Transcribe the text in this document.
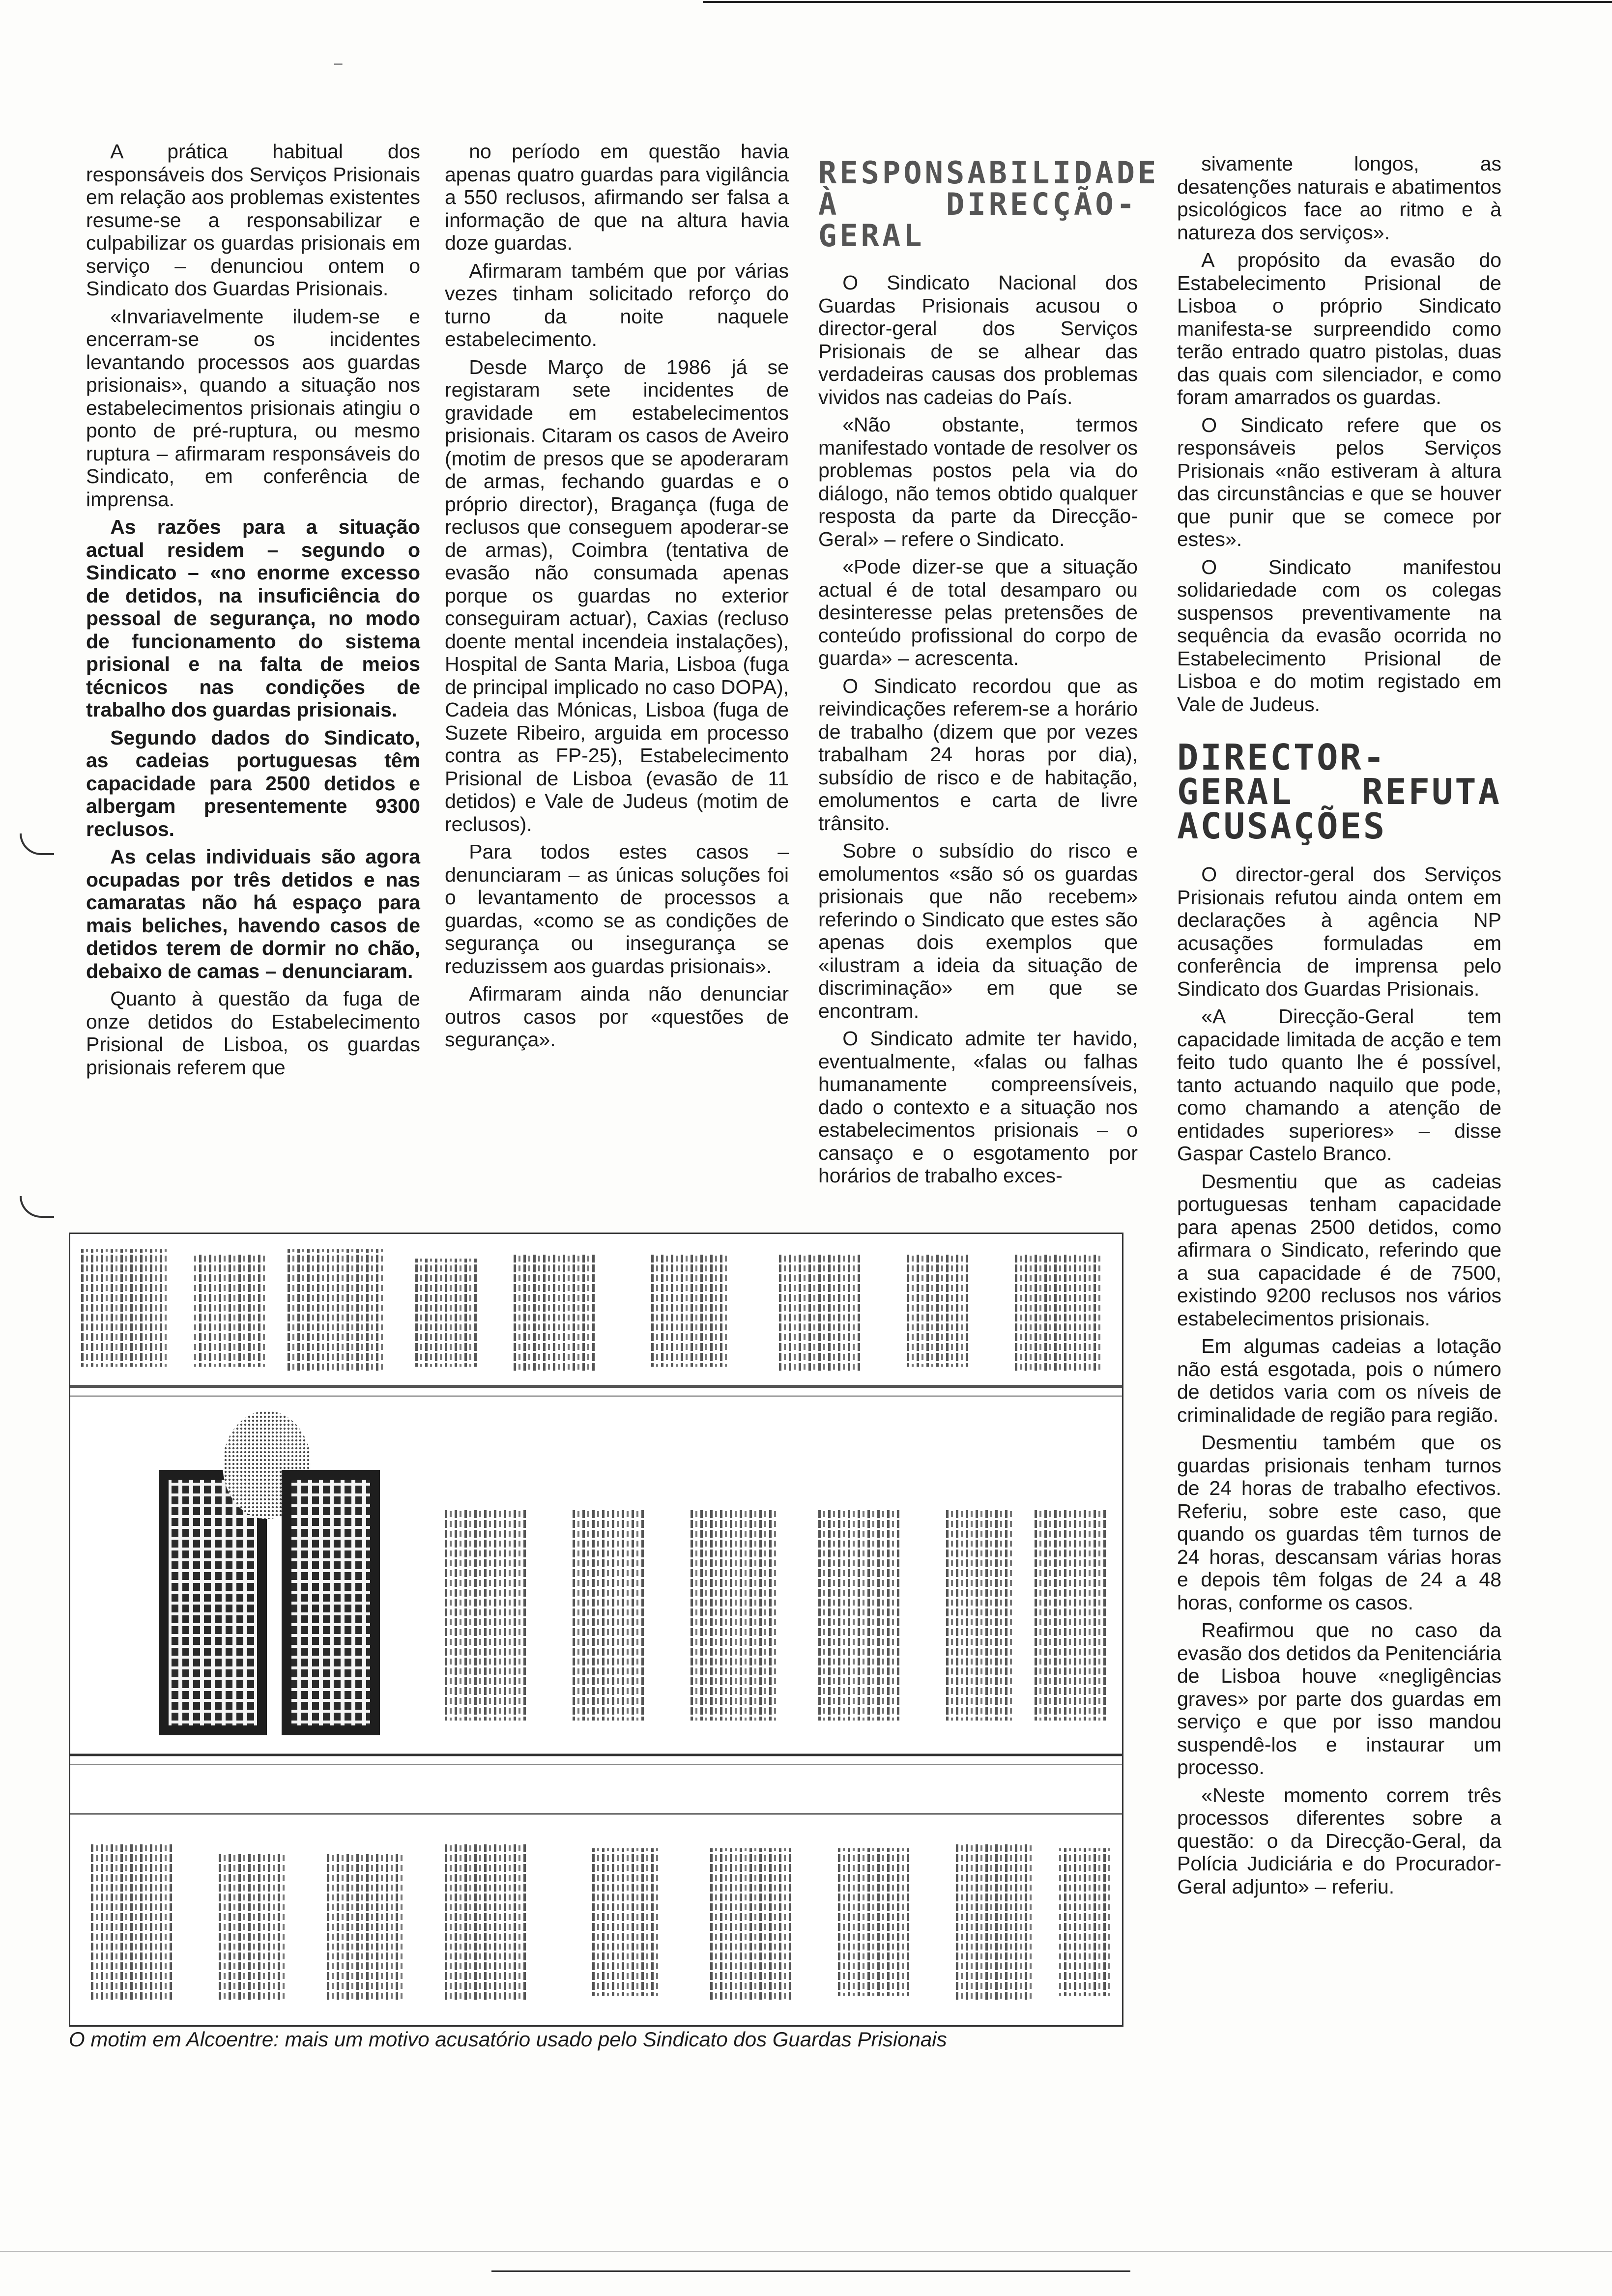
–

A prática habitual dos responsáveis dos Serviços Prisionais em relação aos problemas existentes resume-se a responsabilizar e culpabilizar os guardas prisionais em serviço – denunciou ontem o Sindicato dos Guardas Prisionais.

«Invariavelmente iludem-se e encerram-se os incidentes levantando processos aos guardas prisionais», quando a situação nos estabelecimentos prisionais atingiu o ponto de pré-ruptura, ou mesmo ruptura – afirmaram responsáveis do Sindicato, em conferência de imprensa.

As razões para a situação actual residem – segundo o Sindicato – «no enorme excesso de detidos, na insuficiência do pessoal de segurança, no modo de funcionamento do sistema prisional e na falta de meios técnicos nas condições de trabalho dos guardas prisionais.

Segundo dados do Sindicato, as cadeias portuguesas têm capacidade para 2500 detidos e albergam presentemente 9300 reclusos.

As celas individuais são agora ocupadas por três detidos e nas camaratas não há espaço para mais beliches, havendo casos de detidos terem de dormir no chão, debaixo de camas – denunciaram.

Quanto à questão da fuga de onze detidos do Estabelecimento Prisional de Lisboa, os guardas prisionais referem que

no período em questão havia apenas quatro guardas para vigilância a 550 reclusos, afirmando ser falsa a informação de que na altura havia doze guardas.

Afirmaram também que por várias vezes tinham solicitado reforço do turno da noite naquele estabelecimento.

Desde Março de 1986 já se registaram sete incidentes de gravidade em estabelecimentos prisionais. Citaram os casos de Aveiro (motim de presos que se apoderaram de armas, fechando guardas e o próprio director), Bragança (fuga de reclusos que conseguem apoderar-se de armas), Coimbra (tentativa de evasão não consumada apenas porque os guardas no exterior conseguiram actuar), Caxias (recluso doente mental incendeia instalações), Hospital de Santa Maria, Lisboa (fuga de principal implicado no caso DOPA), Cadeia das Mónicas, Lisboa (fuga de Suzete Ribeiro, arguida em processo contra as FP-25), Estabelecimento Prisional de Lisboa (evasão de 11 detidos) e Vale de Judeus (motim de reclusos).

Para todos estes casos – denunciaram – as únicas soluções foi o levantamento de processos a guardas, «como se as condições de segurança ou insegurança se reduzissem aos guardas prisionais».

Afirmaram ainda não denunciar outros casos por «questões de segurança».

RESPONSABILIDADE À DIRECÇÃO-GERAL

O Sindicato Nacional dos Guardas Prisionais acusou o director-geral dos Serviços Prisionais de se alhear das verdadeiras causas dos problemas vividos nas cadeias do País.

«Não obstante, termos manifestado vontade de resolver os problemas postos pela via do diálogo, não temos obtido qualquer resposta da parte da Direcção-Geral» – refere o Sindicato.

«Pode dizer-se que a situação actual é de total desamparo ou desinteresse pelas pretensões de conteúdo profissional do corpo de guarda» – acrescenta.

O Sindicato recordou que as reivindicações referem-se a horário de trabalho (dizem que por vezes trabalham 24 horas por dia), subsídio de risco e de habitação, emolumentos e carta de livre trânsito.

Sobre o subsídio do risco e emolumentos «são só os guardas prisionais que não recebem» referindo o Sindicato que estes são apenas dois exemplos que «ilustram a ideia da situação de discriminação» em que se encontram.

O Sindicato admite ter havido, eventualmente, «falas ou falhas humanamente compreensíveis, dado o contexto e a situação nos estabelecimentos prisionais – o cansaço e o esgotamento por horários de trabalho exces-

sivamente longos, as desatenções naturais e abatimentos psicológicos face ao ritmo e à natureza dos serviços».

A propósito da evasão do Estabelecimento Prisional de Lisboa o próprio Sindicato manifesta-se surpreendido como terão entrado quatro pistolas, duas das quais com silenciador, e como foram amarrados os guardas.

O Sindicato refere que os responsáveis pelos Serviços Prisionais «não estiveram à altura das circunstâncias e que se houver que punir que se comece por estes».

O Sindicato manifestou solidariedade com os colegas suspensos preventivamente na sequência da evasão ocorrida no Estabelecimento Prisional de Lisboa e do motim registado em Vale de Judeus.

DIRECTOR-GERAL REFUTA ACUSAÇÕES

O director-geral dos Serviços Prisionais refutou ainda ontem em declarações à agência NP acusações formuladas em conferência de imprensa pelo Sindicato dos Guardas Prisionais.

«A Direcção-Geral tem capacidade limitada de acção e tem feito tudo quanto lhe é possível, tanto actuando naquilo que pode, como chamando a atenção de entidades superiores» – disse Gaspar Castelo Branco.

Desmentiu que as cadeias portuguesas tenham capacidade para apenas 2500 detidos, como afirmara o Sindicato, referindo que a sua capacidade é de 7500, existindo 9200 reclusos nos vários estabelecimentos prisionais.

Em algumas cadeias a lotação não está esgotada, pois o número de detidos varia com os níveis de criminalidade de região para região.

Desmentiu também que os guardas prisionais tenham turnos de 24 horas de trabalho efectivos. Referiu, sobre este caso, que quando os guardas têm turnos de 24 horas, descansam várias horas e depois têm folgas de 24 a 48 horas, conforme os casos.

Reafirmou que no caso da evasão dos detidos da Penitenciária de Lisboa houve «negligências graves» por parte dos guardas em serviço e que por isso mandou suspendê-los e instaurar um processo.

«Neste momento correm três processos diferentes sobre a questão: o da Direcção-Geral, da Polícia Judiciária e do Procurador-Geral adjunto» – referiu.

O motim em Alcoentre: mais um motivo acusatório usado pelo Sindicato dos Guardas Prisionais
